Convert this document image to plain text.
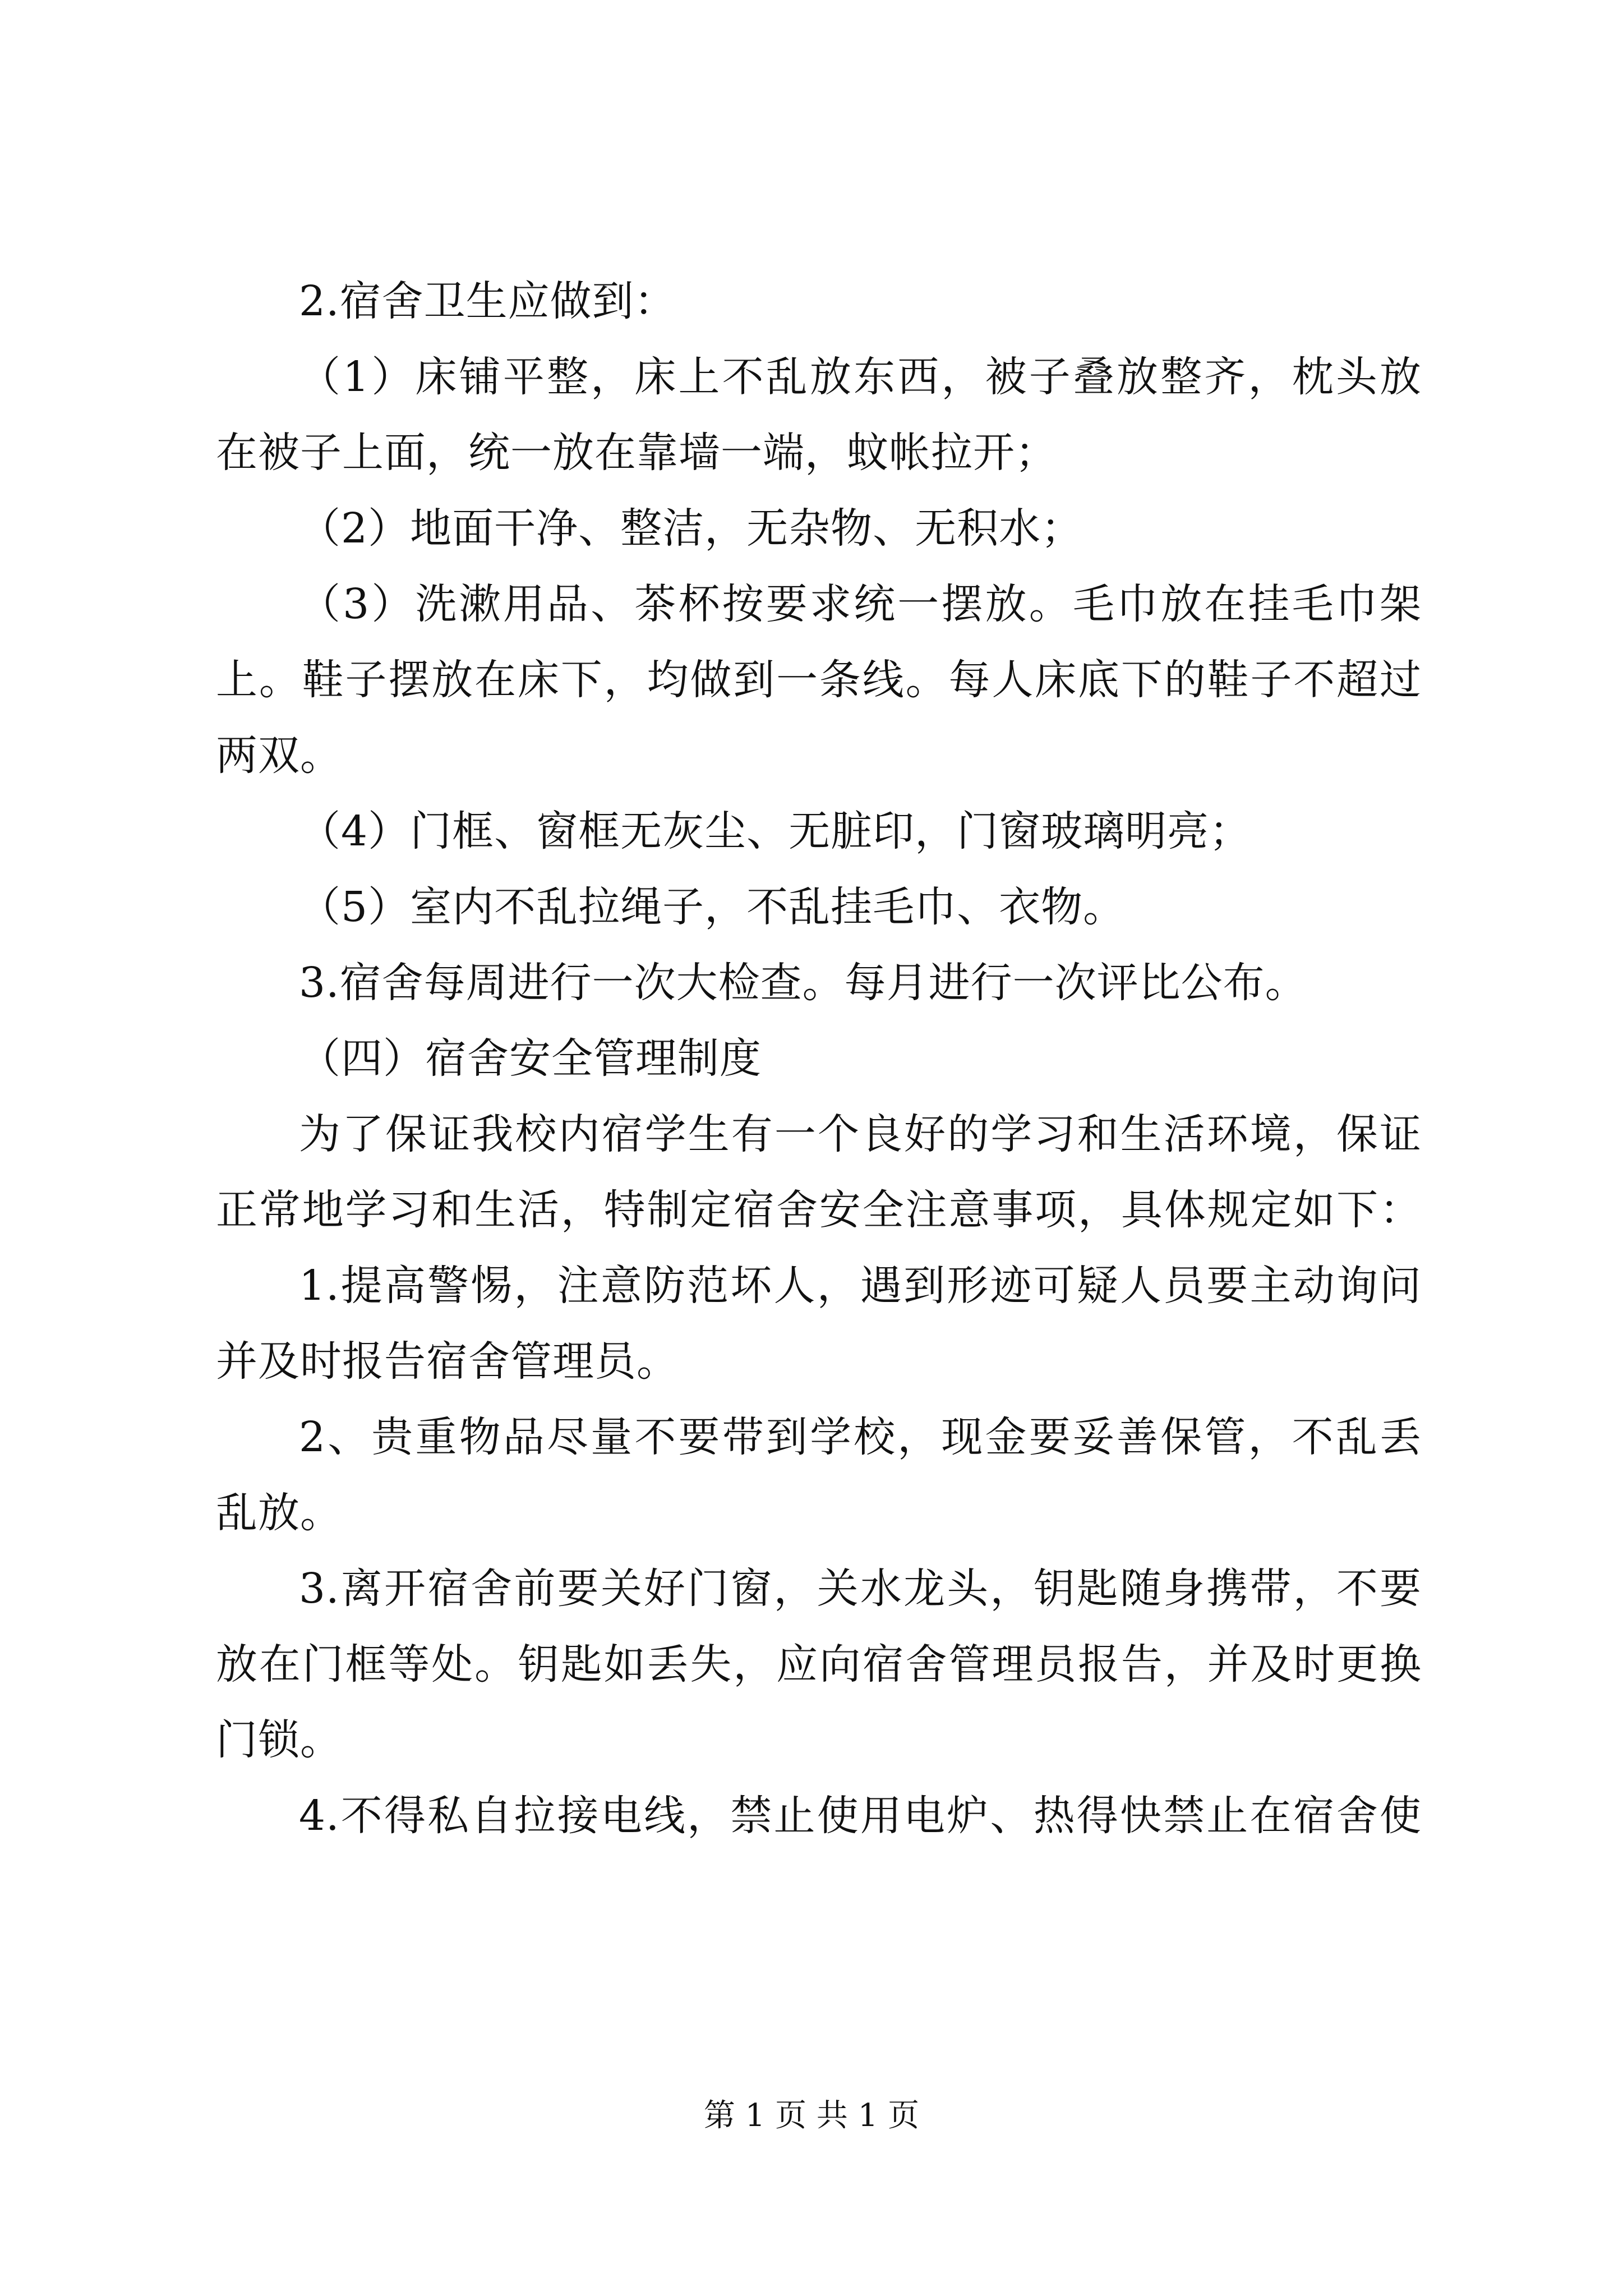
2.宿舍卫生应做到：
（1）床铺平整，床上不乱放东西，被子叠放整齐，枕头放
在被子上面，统一放在靠墙一端，蚊帐拉开；
（2）地面干净、整洁，无杂物、无积水；
（3）洗漱用品、茶杯按要求统一摆放。毛巾放在挂毛巾架
上。鞋子摆放在床下，均做到一条线。每人床底下的鞋子不超过
两双。
（4）门框、窗框无灰尘、无脏印，门窗玻璃明亮；
（5）室内不乱拉绳子，不乱挂毛巾、衣物。
3.宿舍每周进行一次大检查。每月进行一次评比公布。
（四）宿舍安全管理制度
为了保证我校内宿学生有一个良好的学习和生活环境，保证
正常地学习和生活，特制定宿舍安全注意事项，具体规定如下：
1.提高警惕，注意防范坏人，遇到形迹可疑人员要主动询问
并及时报告宿舍管理员。
2、贵重物品尽量不要带到学校，现金要妥善保管，不乱丢
乱放。
3.离开宿舍前要关好门窗，关水龙头，钥匙随身携带，不要
放在门框等处。钥匙如丢失，应向宿舍管理员报告，并及时更换
门锁。
4.不得私自拉接电线，禁止使用电炉、热得快禁止在宿舍使
第 1 页 共 1 页
